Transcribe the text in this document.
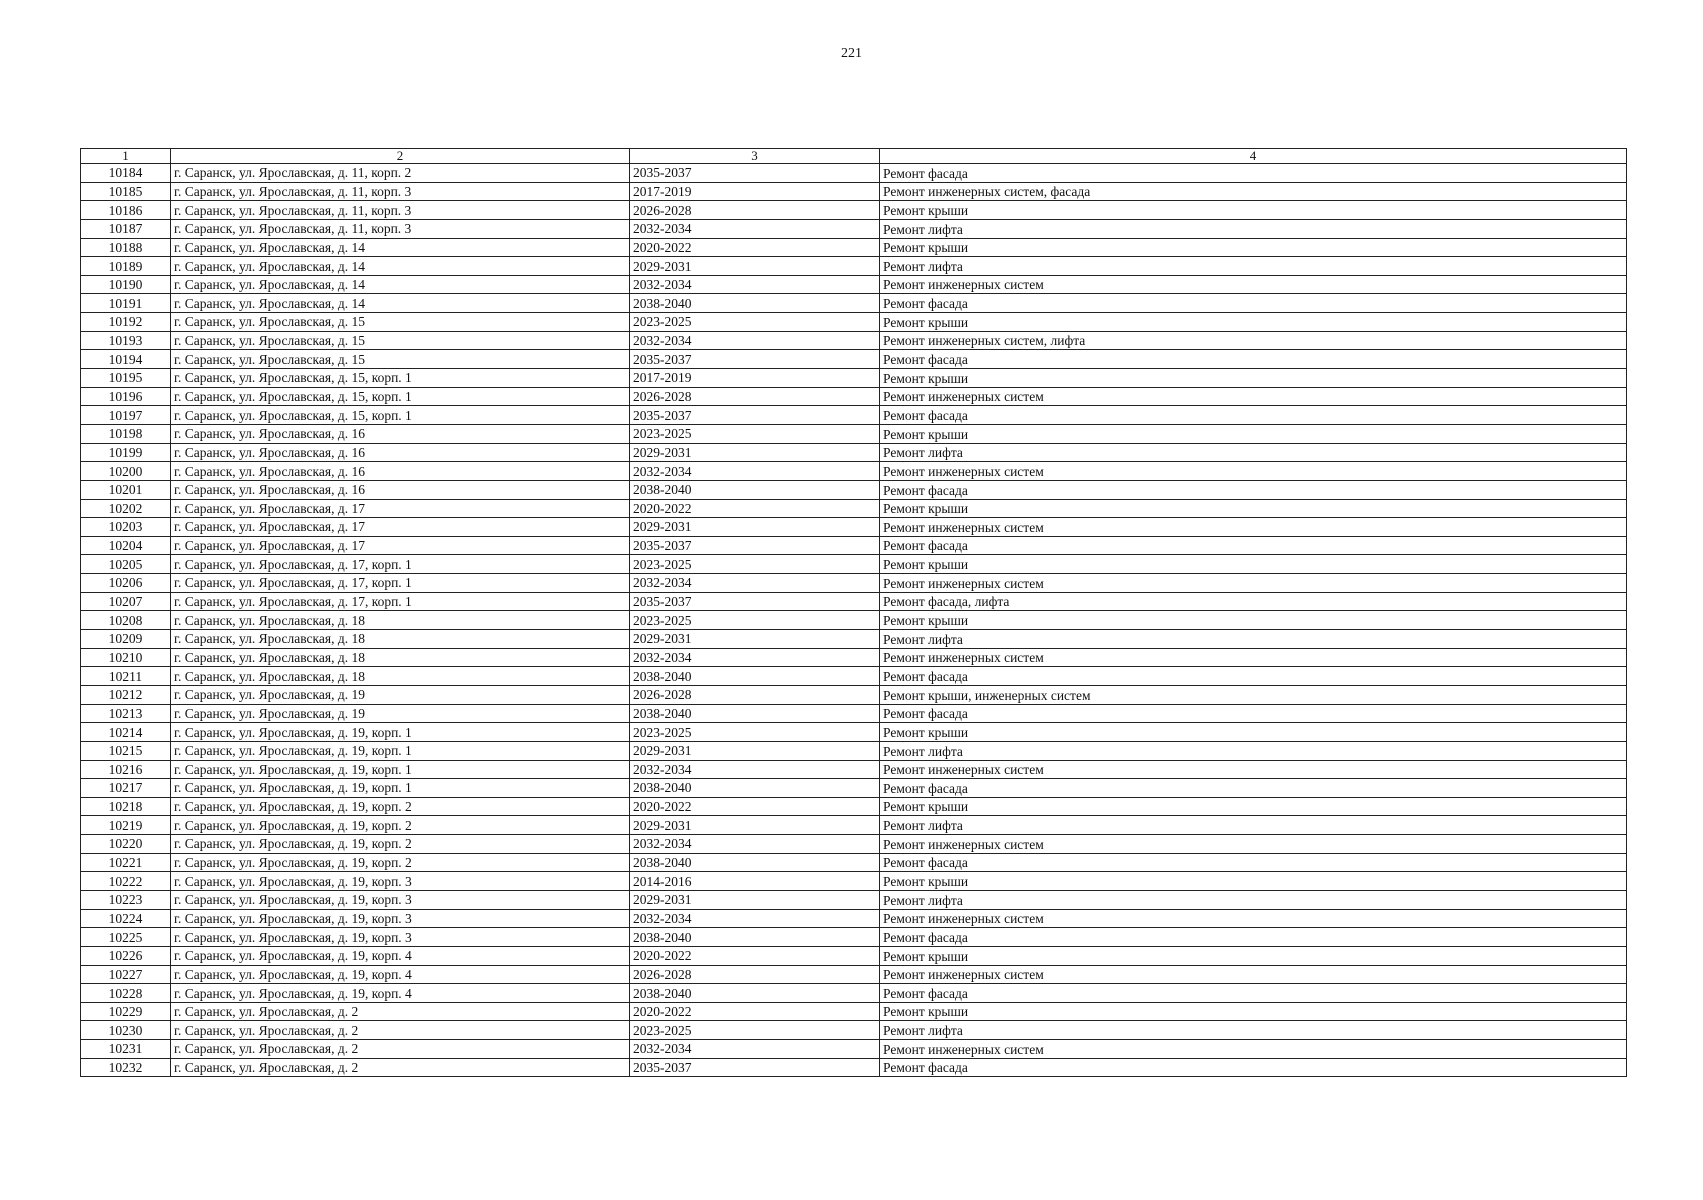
221
1	2	3	4
10184	г. Саранск, ул. Ярославская, д. 11, корп. 2	2035-2037	Ремонт фасада
10185	г. Саранск, ул. Ярославская, д. 11, корп. 3	2017-2019	Ремонт инженерных систем, фасада
10186	г. Саранск, ул. Ярославская, д. 11, корп. 3	2026-2028	Ремонт крыши
10187	г. Саранск, ул. Ярославская, д. 11, корп. 3	2032-2034	Ремонт лифта
10188	г. Саранск, ул. Ярославская, д. 14	2020-2022	Ремонт крыши
10189	г. Саранск, ул. Ярославская, д. 14	2029-2031	Ремонт лифта
10190	г. Саранск, ул. Ярославская, д. 14	2032-2034	Ремонт инженерных систем
10191	г. Саранск, ул. Ярославская, д. 14	2038-2040	Ремонт фасада
10192	г. Саранск, ул. Ярославская, д. 15	2023-2025	Ремонт крыши
10193	г. Саранск, ул. Ярославская, д. 15	2032-2034	Ремонт инженерных систем, лифта
10194	г. Саранск, ул. Ярославская, д. 15	2035-2037	Ремонт фасада
10195	г. Саранск, ул. Ярославская, д. 15, корп. 1	2017-2019	Ремонт крыши
10196	г. Саранск, ул. Ярославская, д. 15, корп. 1	2026-2028	Ремонт инженерных систем
10197	г. Саранск, ул. Ярославская, д. 15, корп. 1	2035-2037	Ремонт фасада
10198	г. Саранск, ул. Ярославская, д. 16	2023-2025	Ремонт крыши
10199	г. Саранск, ул. Ярославская, д. 16	2029-2031	Ремонт лифта
10200	г. Саранск, ул. Ярославская, д. 16	2032-2034	Ремонт инженерных систем
10201	г. Саранск, ул. Ярославская, д. 16	2038-2040	Ремонт фасада
10202	г. Саранск, ул. Ярославская, д. 17	2020-2022	Ремонт крыши
10203	г. Саранск, ул. Ярославская, д. 17	2029-2031	Ремонт инженерных систем
10204	г. Саранск, ул. Ярославская, д. 17	2035-2037	Ремонт фасада
10205	г. Саранск, ул. Ярославская, д. 17, корп. 1	2023-2025	Ремонт крыши
10206	г. Саранск, ул. Ярославская, д. 17, корп. 1	2032-2034	Ремонт инженерных систем
10207	г. Саранск, ул. Ярославская, д. 17, корп. 1	2035-2037	Ремонт фасада, лифта
10208	г. Саранск, ул. Ярославская, д. 18	2023-2025	Ремонт крыши
10209	г. Саранск, ул. Ярославская, д. 18	2029-2031	Ремонт лифта
10210	г. Саранск, ул. Ярославская, д. 18	2032-2034	Ремонт инженерных систем
10211	г. Саранск, ул. Ярославская, д. 18	2038-2040	Ремонт фасада
10212	г. Саранск, ул. Ярославская, д. 19	2026-2028	Ремонт крыши, инженерных систем
10213	г. Саранск, ул. Ярославская, д. 19	2038-2040	Ремонт фасада
10214	г. Саранск, ул. Ярославская, д. 19, корп. 1	2023-2025	Ремонт крыши
10215	г. Саранск, ул. Ярославская, д. 19, корп. 1	2029-2031	Ремонт лифта
10216	г. Саранск, ул. Ярославская, д. 19, корп. 1	2032-2034	Ремонт инженерных систем
10217	г. Саранск, ул. Ярославская, д. 19, корп. 1	2038-2040	Ремонт фасада
10218	г. Саранск, ул. Ярославская, д. 19, корп. 2	2020-2022	Ремонт крыши
10219	г. Саранск, ул. Ярославская, д. 19, корп. 2	2029-2031	Ремонт лифта
10220	г. Саранск, ул. Ярославская, д. 19, корп. 2	2032-2034	Ремонт инженерных систем
10221	г. Саранск, ул. Ярославская, д. 19, корп. 2	2038-2040	Ремонт фасада
10222	г. Саранск, ул. Ярославская, д. 19, корп. 3	2014-2016	Ремонт крыши
10223	г. Саранск, ул. Ярославская, д. 19, корп. 3	2029-2031	Ремонт лифта
10224	г. Саранск, ул. Ярославская, д. 19, корп. 3	2032-2034	Ремонт инженерных систем
10225	г. Саранск, ул. Ярославская, д. 19, корп. 3	2038-2040	Ремонт фасада
10226	г. Саранск, ул. Ярославская, д. 19, корп. 4	2020-2022	Ремонт крыши
10227	г. Саранск, ул. Ярославская, д. 19, корп. 4	2026-2028	Ремонт инженерных систем
10228	г. Саранск, ул. Ярославская, д. 19, корп. 4	2038-2040	Ремонт фасада
10229	г. Саранск, ул. Ярославская, д. 2	2020-2022	Ремонт крыши
10230	г. Саранск, ул. Ярославская, д. 2	2023-2025	Ремонт лифта
10231	г. Саранск, ул. Ярославская, д. 2	2032-2034	Ремонт инженерных систем
10232	г. Саранск, ул. Ярославская, д. 2	2035-2037	Ремонт фасада
